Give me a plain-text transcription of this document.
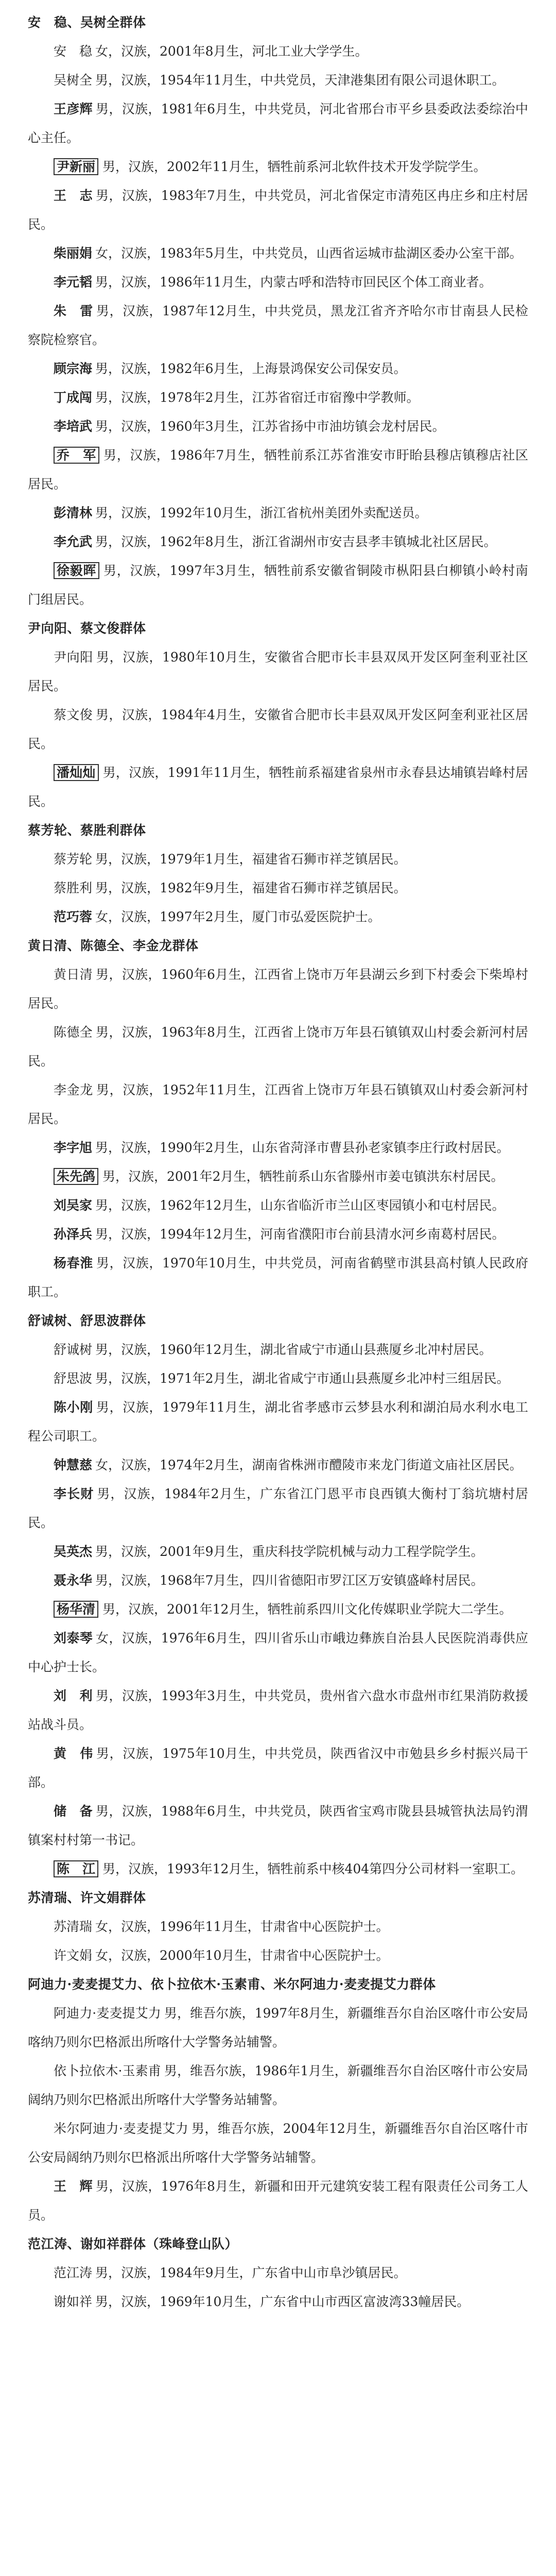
安　稳、吴树全群体

安　稳 女，汉族，2001年8月生，河北工业大学学生。

吴树全 男，汉族，1954年11月生，中共党员，天津港集团有限公司退休职工。

王彦辉 男，汉族，1981年6月生，中共党员，河北省邢台市平乡县委政法委综治中心主任。

尹新丽 男，汉族，2002年11月生，牺牲前系河北软件技术开发学院学生。

王　志 男，汉族，1983年7月生，中共党员，河北省保定市清苑区冉庄乡和庄村居民。

柴丽娟 女，汉族，1983年5月生，中共党员，山西省运城市盐湖区委办公室干部。

李元韬 男，汉族，1986年11月生，内蒙古呼和浩特市回民区个体工商业者。

朱　雷 男，汉族，1987年12月生，中共党员，黑龙江省齐齐哈尔市甘南县人民检察院检察官。

顾宗海 男，汉族，1982年6月生，上海景鸿保安公司保安员。

丁成闯 男，汉族，1978年2月生，江苏省宿迁市宿豫中学教师。

李培武 男，汉族，1960年3月生，江苏省扬中市油坊镇会龙村居民。

乔　军 男，汉族，1986年7月生，牺牲前系江苏省淮安市盱眙县穆店镇穆店社区居民。

彭清林 男，汉族，1992年10月生，浙江省杭州美团外卖配送员。

李允武 男，汉族，1962年8月生，浙江省湖州市安吉县孝丰镇城北社区居民。

徐毅晖 男，汉族，1997年3月生，牺牲前系安徽省铜陵市枞阳县白柳镇小岭村南门组居民。

尹向阳、蔡文俊群体

尹向阳 男，汉族，1980年10月生，安徽省合肥市长丰县双凤开发区阿奎利亚社区居民。

蔡文俊 男，汉族，1984年4月生，安徽省合肥市长丰县双凤开发区阿奎利亚社区居民。

潘灿灿 男，汉族，1991年11月生，牺牲前系福建省泉州市永春县达埔镇岩峰村居民。

蔡芳轮、蔡胜利群体

蔡芳轮 男，汉族，1979年1月生，福建省石狮市祥芝镇居民。

蔡胜利 男，汉族，1982年9月生，福建省石狮市祥芝镇居民。

范巧蓉 女，汉族，1997年2月生，厦门市弘爱医院护士。

黄日清、陈德全、李金龙群体

黄日清 男，汉族，1960年6月生，江西省上饶市万年县湖云乡到下村委会下柴埠村居民。

陈德全 男，汉族，1963年8月生，江西省上饶市万年县石镇镇双山村委会新河村居民。

李金龙 男，汉族，1952年11月生，江西省上饶市万年县石镇镇双山村委会新河村居民。

李字旭 男，汉族，1990年2月生，山东省菏泽市曹县孙老家镇李庄行政村居民。

朱先鸽 男，汉族，2001年2月生，牺牲前系山东省滕州市姜屯镇洪东村居民。

刘吴家 男，汉族，1962年12月生，山东省临沂市兰山区枣园镇小和屯村居民。

孙泽兵 男，汉族，1994年12月生，河南省濮阳市台前县清水河乡南葛村居民。

杨春淮 男，汉族，1970年10月生，中共党员，河南省鹤壁市淇县高村镇人民政府职工。

舒诚树、舒思波群体

舒诚树 男，汉族，1960年12月生，湖北省咸宁市通山县燕厦乡北冲村居民。

舒思波 男，汉族，1971年2月生，湖北省咸宁市通山县燕厦乡北冲村三组居民。

陈小刚 男，汉族，1979年11月生，湖北省孝感市云梦县水利和湖泊局水利水电工程公司职工。

钟慧慈 女，汉族，1974年2月生，湖南省株洲市醴陵市来龙门街道文庙社区居民。

李长财 男，汉族，1984年2月生，广东省江门恩平市良西镇大衡村丁翁坑塘村居民。

吴英杰 男，汉族，2001年9月生，重庆科技学院机械与动力工程学院学生。

聂永华 男，汉族，1968年7月生，四川省德阳市罗江区万安镇盛峰村居民。

杨华清 男，汉族，2001年12月生，牺牲前系四川文化传媒职业学院大二学生。

刘泰琴 女，汉族，1976年6月生，四川省乐山市峨边彝族自治县人民医院消毒供应中心护士长。

刘　利 男，汉族，1993年3月生，中共党员，贵州省六盘水市盘州市红果消防救援站战斗员。

黄　伟 男，汉族，1975年10月生，中共党员，陕西省汉中市勉县乡乡村振兴局干部。

储　备 男，汉族，1988年6月生，中共党员，陕西省宝鸡市陇县县城管执法局钓渭镇案村村第一书记。

陈　江 男，汉族，1993年12月生，牺牲前系中核404第四分公司材料一室职工。

苏清瑞、许文娟群体

苏清瑞 女，汉族，1996年11月生，甘肃省中心医院护士。

许文娟 女，汉族，2000年10月生，甘肃省中心医院护士。

阿迪力·麦麦提艾力、依卜拉依木·玉素甫、米尔阿迪力·麦麦提艾力群体

阿迪力·麦麦提艾力 男，维吾尔族，1997年8月生，新疆维吾尔自治区喀什市公安局喀纳乃则尔巴格派出所喀什大学警务站辅警。

依卜拉依木·玉素甫 男，维吾尔族，1986年1月生，新疆维吾尔自治区喀什市公安局阔纳乃则尔巴格派出所喀什大学警务站辅警。

米尔阿迪力·麦麦提艾力 男，维吾尔族，2004年12月生，新疆维吾尔自治区喀什市公安局阔纳乃则尔巴格派出所喀什大学警务站辅警。

王　辉 男，汉族，1976年8月生，新疆和田开元建筑安装工程有限责任公司务工人员。

范江涛、谢如祥群体（珠峰登山队）

范江涛 男，汉族，1984年9月生，广东省中山市阜沙镇居民。

谢如祥 男，汉族，1969年10月生，广东省中山市西区富波湾33幢居民。
